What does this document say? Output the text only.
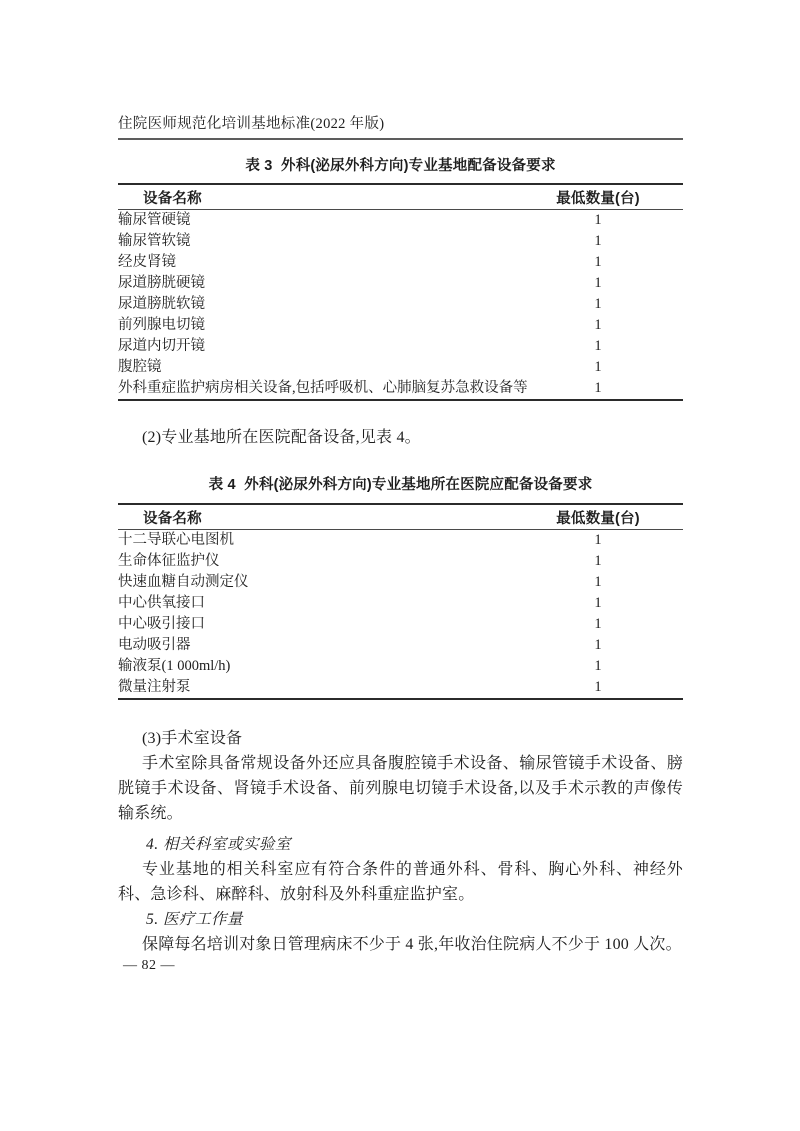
住院医师规范化培训基地标准(2022 年版)
表 3  外科(泌尿外科方向)专业基地配备设备要求
设备名称	最低数量(台)
输尿管硬镜	1
输尿管软镜	1
经皮肾镜	1
尿道膀胱硬镜	1
尿道膀胱软镜	1
前列腺电切镜	1
尿道内切开镜	1
腹腔镜	1
外科重症监护病房相关设备,包括呼吸机、心肺脑复苏急救设备等	1

(2)专业基地所在医院配备设备,见表 4。

表 4  外科(泌尿外科方向)专业基地所在医院应配备设备要求
设备名称	最低数量(台)
十二导联心电图机	1
生命体征监护仪	1
快速血糖自动测定仪	1
中心供氧接口	1
中心吸引接口	1
电动吸引器	1
输液泵(1 000ml/h)	1
微量注射泵	1

(3)手术室设备

手术室除具备常规设备外还应具备腹腔镜手术设备、输尿管镜手术设备、膀胱镜手术设备、肾镜手术设备、前列腺电切镜手术设备,以及手术示教的声像传输系统。

4. 相关科室或实验室

专业基地的相关科室应有符合条件的普通外科、骨科、胸心外科、神经外科、急诊科、麻醉科、放射科及外科重症监护室。

5. 医疗工作量

保障每名培训对象日管理病床不少于 4 张,年收治住院病人不少于 100 人次。

— 82 —
